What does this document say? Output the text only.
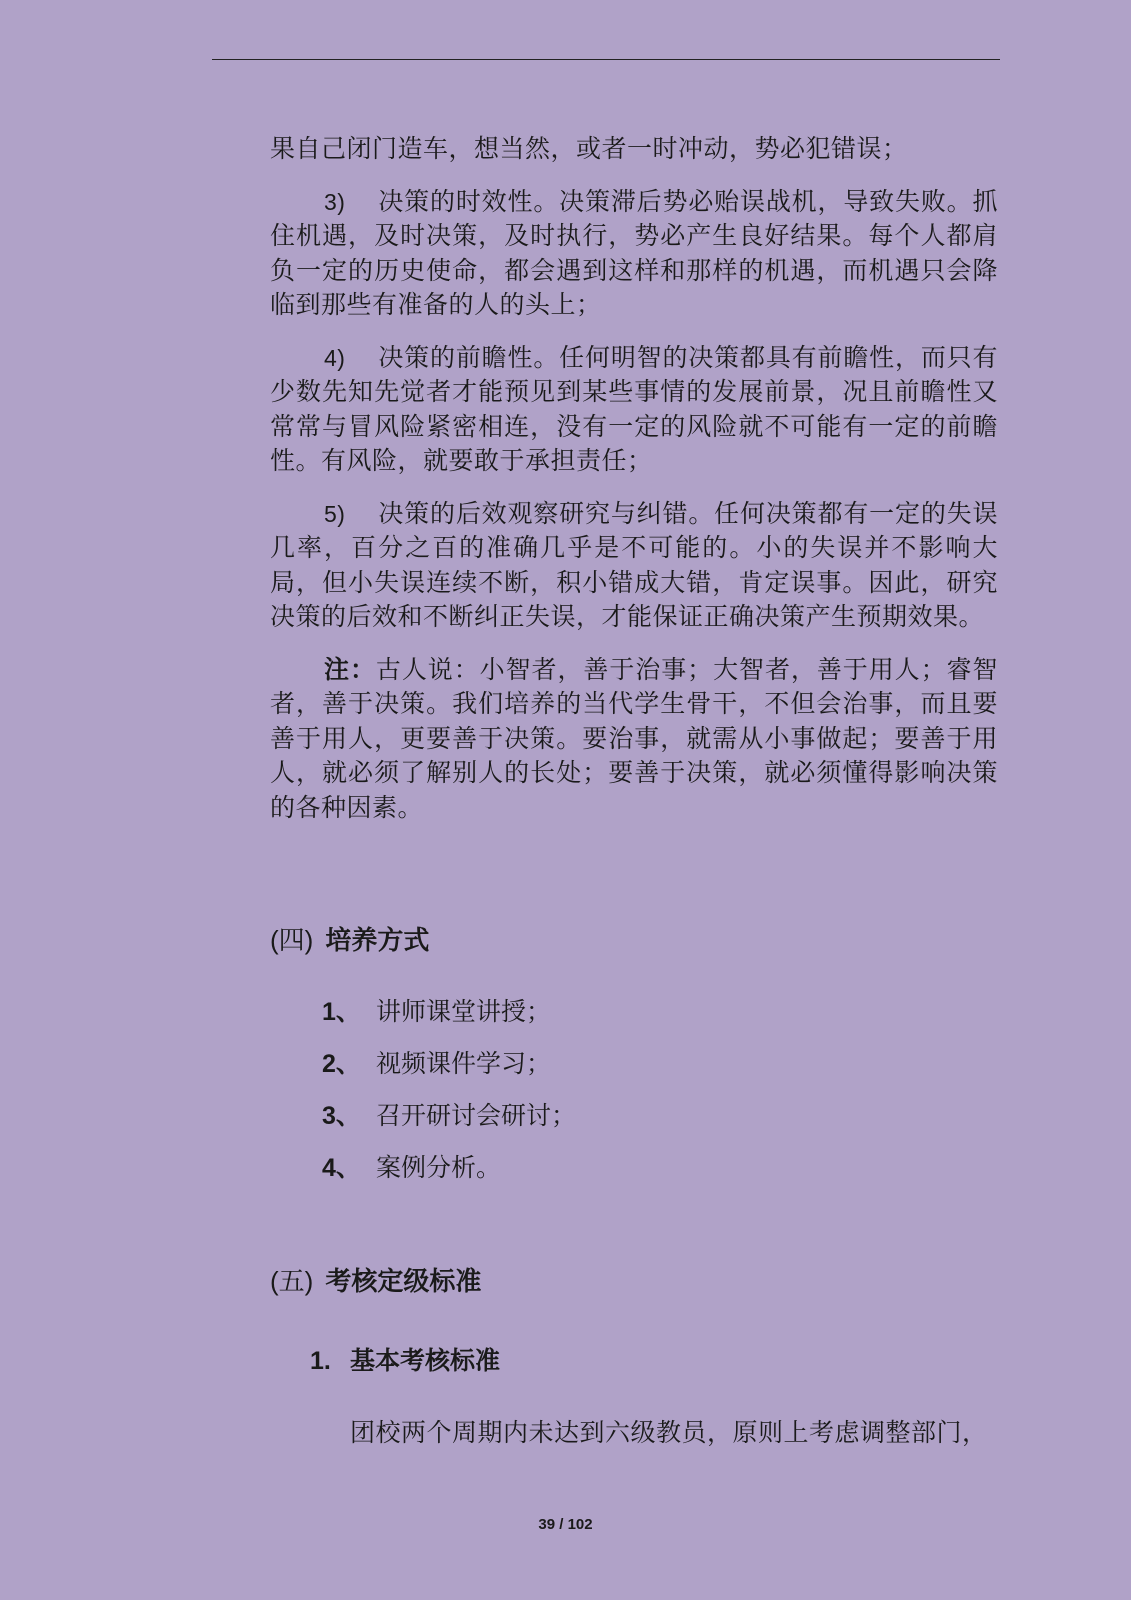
果自己闭门造车，想当然，或者一时冲动，势必犯错误；

3) 决策的时效性。决策滞后势必贻误战机，导致失败。抓住机遇，及时决策，及时执行，势必产生良好结果。每个人都肩负一定的历史使命，都会遇到这样和那样的机遇，而机遇只会降临到那些有准备的人的头上；

4) 决策的前瞻性。任何明智的决策都具有前瞻性，而只有少数先知先觉者才能预见到某些事情的发展前景，况且前瞻性又常常与冒风险紧密相连，没有一定的风险就不可能有一定的前瞻性。有风险，就要敢于承担责任；

5) 决策的后效观察研究与纠错。任何决策都有一定的失误几率，百分之百的准确几乎是不可能的。小的失误并不影响大局，但小失误连续不断，积小错成大错，肯定误事。因此，研究决策的后效和不断纠正失误，才能保证正确决策产生预期效果。

注：古人说：小智者，善于治事；大智者，善于用人；睿智者，善于决策。我们培养的当代学生骨干，不但会治事，而且要善于用人，更要善于决策。要治事，就需从小事做起；要善于用人，就必须了解别人的长处；要善于决策，就必须懂得影响决策的各种因素。

(四) 培养方式
1、 讲师课堂讲授；
2、 视频课件学习；
3、 召开研讨会研讨；
4、 案例分析。
(五) 考核定级标准
1. 基本考核标准
团校两个周期内未达到六级教员，原则上考虑调整部门，
39 / 102
